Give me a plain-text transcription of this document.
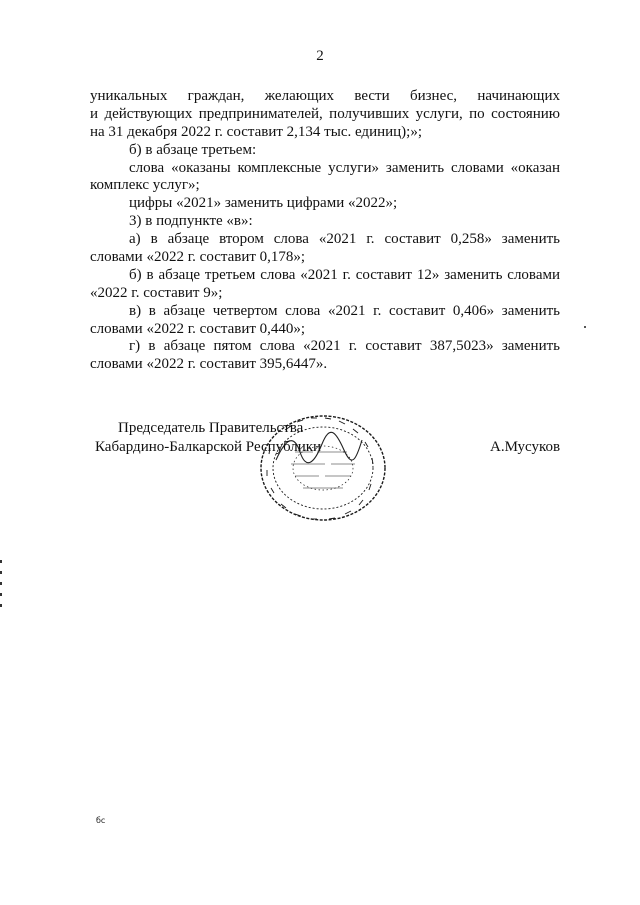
2
уникальных граждан, желающих вести бизнес, начинающих
и действующих предпринимателей, получивших услуги, по состоянию
на 31 декабря 2022 г. составит 2,134 тыс. единиц);»;
б) в абзаце третьем:
слова «оказаны комплексные услуги» заменить словами «оказан
комплекс услуг»;
цифры «2021» заменить цифрами «2022»;
3) в подпункте «в»:
а) в абзаце втором слова «2021 г. составит 0,258» заменить
словами «2022 г. составит 0,178»;
б) в абзаце третьем слова «2021 г. составит 12» заменить словами
«2022 г. составит 9»;
в) в абзаце четвертом слова «2021 г. составит 0,406» заменить
словами «2022 г. составит 0,440»;
г) в абзаце пятом слова «2021 г. составит 387,5023» заменить
словами «2022 г. составит 395,6447».
Председатель Правительства
Кабардино-Балкарской Республики	А.Мусуков
бс
